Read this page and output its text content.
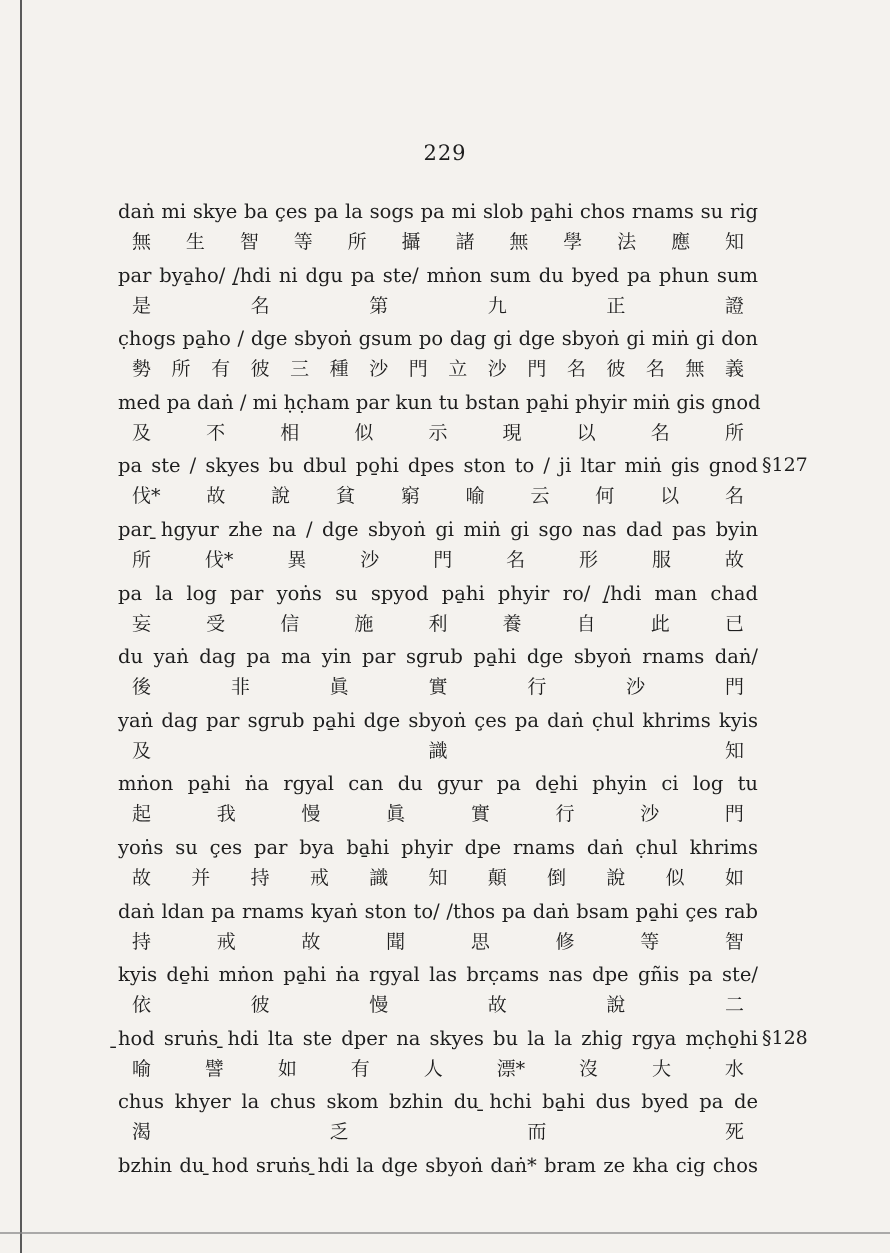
229
daṅ mi skye ba çes pa la sogs pa mi slob pa̱hi chos rnams su rig
無 生 智 等 所 攝 諸 無 學 法 應 知
par bya̱ho/ /̱hdi ni dgu pa ste/ mṅon sum du byed pa phun sum
是	名	第	九	正	證
c̣hogs pa̱ho / dge sbyoṅ gsum po dag gi dge sbyoṅ gi miṅ gi don
勢 所 有 彼 三 種 沙 門 立 沙 門 名 彼 名 無 義
med pa daṅ / mi ḥc̣ham par kun tu bstan pa̱hi phyir miṅ gis gnod
及	不	相	似	示	現	以	名	所
pa ste / skyes bu dbul po̱hi dpes ston to / ji ltar miṅ gis gnod
伐* 故 說 貧 窮 喻 云 何 以 名
§127
par ̱hgyur zhe na / dge sbyoṅ gi miṅ gi sgo nas dad pas byin
所	伐*	異	沙	門	名	形	服	故
pa la log par yoṅs su spyod pa̱hi phyir ro/ /̱hdi man chad
妄	受	信	施	利	養	自	此	已
du yaṅ dag pa ma yin par sgrub pa̱hi dge sbyoṅ rnams daṅ/
後	非	眞	實	行	沙	門
yaṅ dag par sgrub pa̱hi dge sbyoṅ çes pa daṅ c̣hul khrims kyis
及	識	知
mṅon pa̱hi ṅa rgyal can du gyur pa de̱hi phyin ci log tu
起	我	慢	眞	實	行	沙	門
yoṅs su çes par bya ba̱hi phyir dpe rnams daṅ c̣hul khrims
故 并 持 戒 識 知 顛 倒 說 似 如
daṅ ldan pa rnams kyaṅ ston to/ /thos pa daṅ bsam pa̱hi çes rab
持	戒	故	聞	思	修	等	智
kyis de̱hi mṅon pa̱hi ṅa rgyal las brc̣ams nas dpe gñis pa ste/
依	彼	慢	故	說	二
̱hod sruṅs ̱hdi lta ste dper na skyes bu la la zhig rgya mc̣ho̱hi
喻	譬	如	有	人	漂*	沒	大	水
§128
chus khyer la chus skom bzhin du ̱hchi ba̱hi dus byed pa de
渴	乏	而	死
bzhin du ̱hod sruṅs ̱hdi la dge sbyoṅ daṅ* bram ze kha cig chos
